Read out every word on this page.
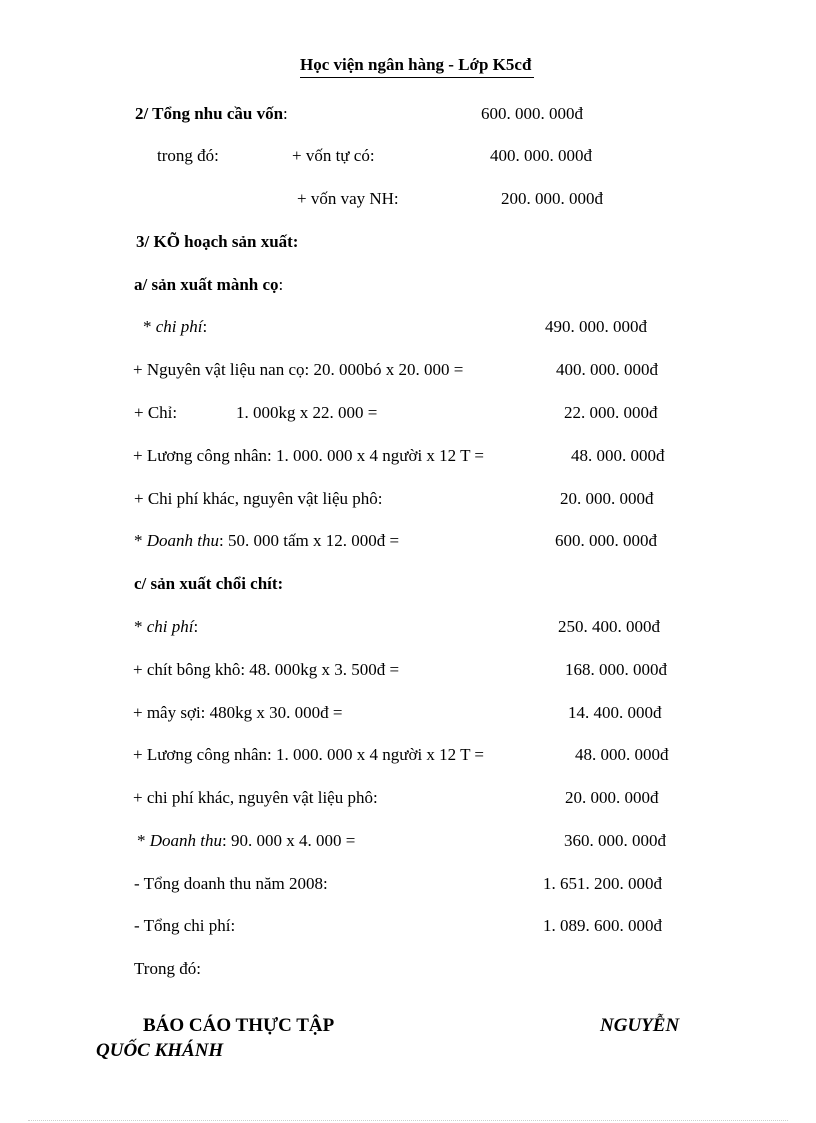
Học viện ngân hàng - Lớp K5cđ
2/ Tổng nhu cầu vốn:	600. 000. 000đ
trong đó:	+ vốn tự có:	400. 000. 000đ
+ vốn vay NH:	200. 000. 000đ
3/ KÕ hoạch sản xuất:
a/ sản xuất mành cọ:
* chi phí:	490. 000. 000đ
+ Nguyên vật liệu nan cọ: 20. 000bó x 20. 000 =	400. 000. 000đ
+ Chỉ:	1. 000kg x 22. 000 =	22. 000. 000đ
+ Lương công nhân: 1. 000. 000 x 4 người x 12 T =	48. 000. 000đ
+ Chi phí khác, nguyên vật liệu phô:	20. 000. 000đ
* Doanh thu: 50. 000 tấm x 12. 000đ =	600. 000. 000đ
c/ sản xuất chổi chít:
* chi phí:	250. 400. 000đ
+ chít bông khô: 48. 000kg x 3. 500đ =	168. 000. 000đ
+ mây sợi: 480kg x 30. 000đ =	14. 400. 000đ
+ Lương công nhân: 1. 000. 000 x 4 người x 12 T =	48. 000. 000đ
+ chi phí khác, nguyên vật liệu phô:	20. 000. 000đ
* Doanh thu: 90. 000 x 4. 000 =	360. 000. 000đ
- Tổng doanh thu năm 2008:	1. 651. 200. 000đ
- Tổng chi phí:	1. 089. 600. 000đ
Trong đó:
BÁO CÁO THỰC TẬP	NGUYỄN
QUỐC KHÁNH
